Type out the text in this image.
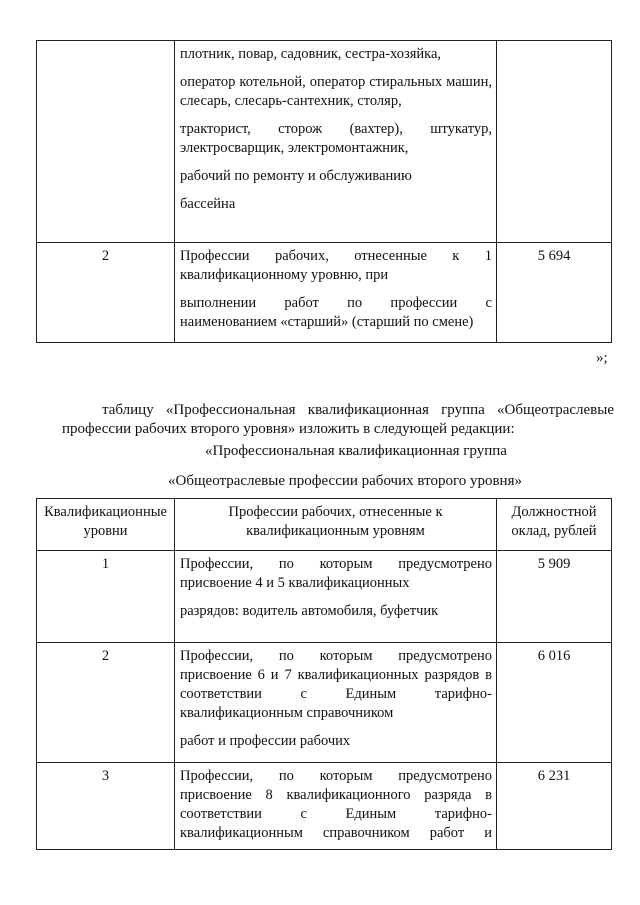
	плотник, повар, садовник, сестра-хозяйка,

оператор котельной, оператор стиральных машин, слесарь, слесарь-сантехник, столяр,

тракторист, сторож (вахтер), штукатур, электросварщик, электромонтажник,

рабочий по ремонту и обслуживанию

бассейна	

2	Профессии рабочих, отнесенные к 1 квалификационному уровню, при

выполнении работ по профессии с наименованием «старший» (старший по смене)	5 694
»;
таблицу «Профессиональная квалификационная группа «Общеотраслевые профессии рабочих второго уровня» изложить в следующей редакции:
«Профессиональная квалификационная группа
«Общеотраслевые профессии рабочих второго уровня»
Квалификационные уровни	Профессии рабочих, отнесенные к квалификационным уровням	Должностной оклад, рублей
1	Профессии, по которым предусмотрено присвоение 4 и 5 квалификационных

разрядов: водитель автомобиля, буфетчик	5 909
2	Профессии, по которым предусмотрено присвоение 6 и 7 квалификационных разрядов в соответствии с Единым тарифно-квалификационным справочником

работ и профессии рабочих	6 016
3	Профессии, по которым предусмотрено присвоение 8 квалификационного разряда в соответствии с Единым тарифно-квалификационным справочником работ и	6 231
